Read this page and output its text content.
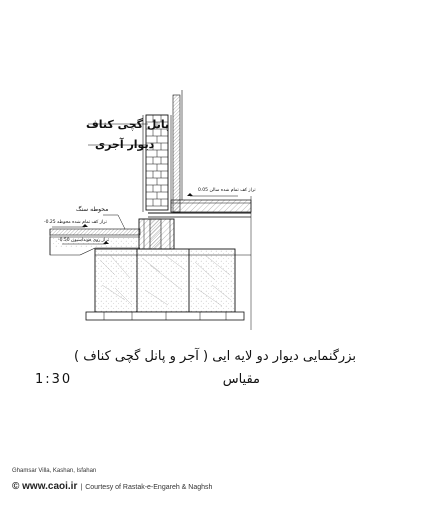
پانل گچی کناف
دیوار آجری
محوطه سنگ
تراز کف تمام شده سالن 0.05
تراز کف تمام شده محوطه 0.25-
تراز روی فونداسیون 0.50-
بزرگنمایی دیوار دو لایه ایی ( آجر و پانل گچی کناف )
مقیاس
1:30
Ghamsar Villa, Kashan, Isfahan
© www.caoi.ir | Courtesy of Rastak-e-Engareh & Naghsh
